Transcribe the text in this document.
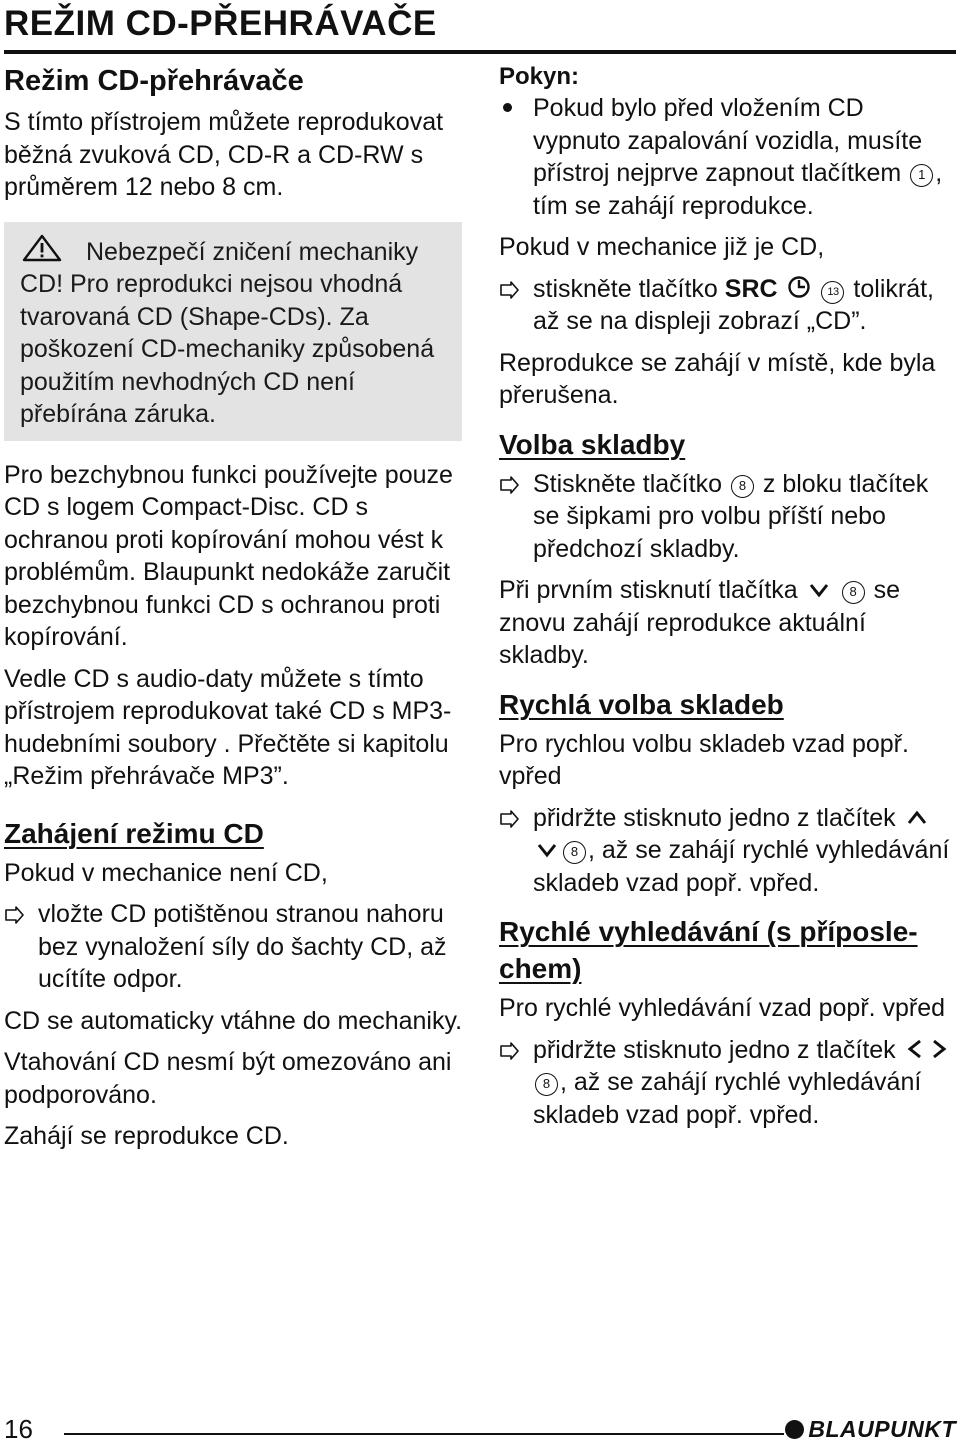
REŽIM CD-PŘEHRÁVAČE
Režim CD-přehrávače

S tímto přístrojem můžete reprodukovat běžná zvuková CD, CD-R a CD-RW s průměrem 12 nebo 8 cm.

Nebezpečí zničení mechaniky CD! Pro reprodukci nejsou vhodná tvarovaná CD (Shape-CDs). Za poškození CD-mechaniky způsobená použitím nevhodných CD není přebírána záruka.

Pro bezchybnou funkci používejte pouze CD s logem Compact-Disc. CD s ochranou proti kopírování mohou vést k problémům. Blaupunkt nedokáže zaručit bezchybnou funkci CD s ochranou proti kopírování.

Vedle CD s audio-daty můžete s tímto přístrojem reprodukovat také CD s MP3-hudebními soubory . Přečtěte si kapitolu „Režim přehrávače MP3”.

Zahájení režimu CD

Pokud v mechanice není CD,

vložte CD potištěnou stranou nahoru bez vynaložení síly do šachty CD, až ucítíte odpor.

CD se automaticky vtáhne do mechaniky.

Vtahování CD nesmí být omezováno ani podporováno.

Zahájí se reprodukce CD.

Pokyn:
Pokud bylo před vložením CD vypnuto zapalování vozidla, musíte přístroj nejprve zapnout tlačítkem 1 , tím se zahájí reprodukce.

Pokud v mechanice již je CD,

stiskněte tlačítko SRC	13 tolikrát, až se na displeji zobrazí „CD”.

Reprodukce se zahájí v místě, kde byla přerušena.

Volba skladby
Stiskněte tlačítko 8 z bloku tlačítek se šipkami pro volbu příští nebo předchozí skladby.

Při prvním stisknutí tlačítka	8 se znovu zahájí reprodukce aktuální skladby.

Rychlá volba skladeb

Pro rychlou volbu skladeb vzad popř. vpřed

přidržte stisknuto jedno z tlačítek  8 , až se zahájí rychlé vyhledávání skladeb vzad popř. vpřed.
Rychlé vyhledávání (s příposle-
chem)

Pro rychlé vyhledávání vzad popř. vpřed

přidržte stisknuto jedno z tlačítek 8 , až se zahájí rychlé vyhledávání skladeb vzad popř. vpřed.
16	BLAUPUNKT
